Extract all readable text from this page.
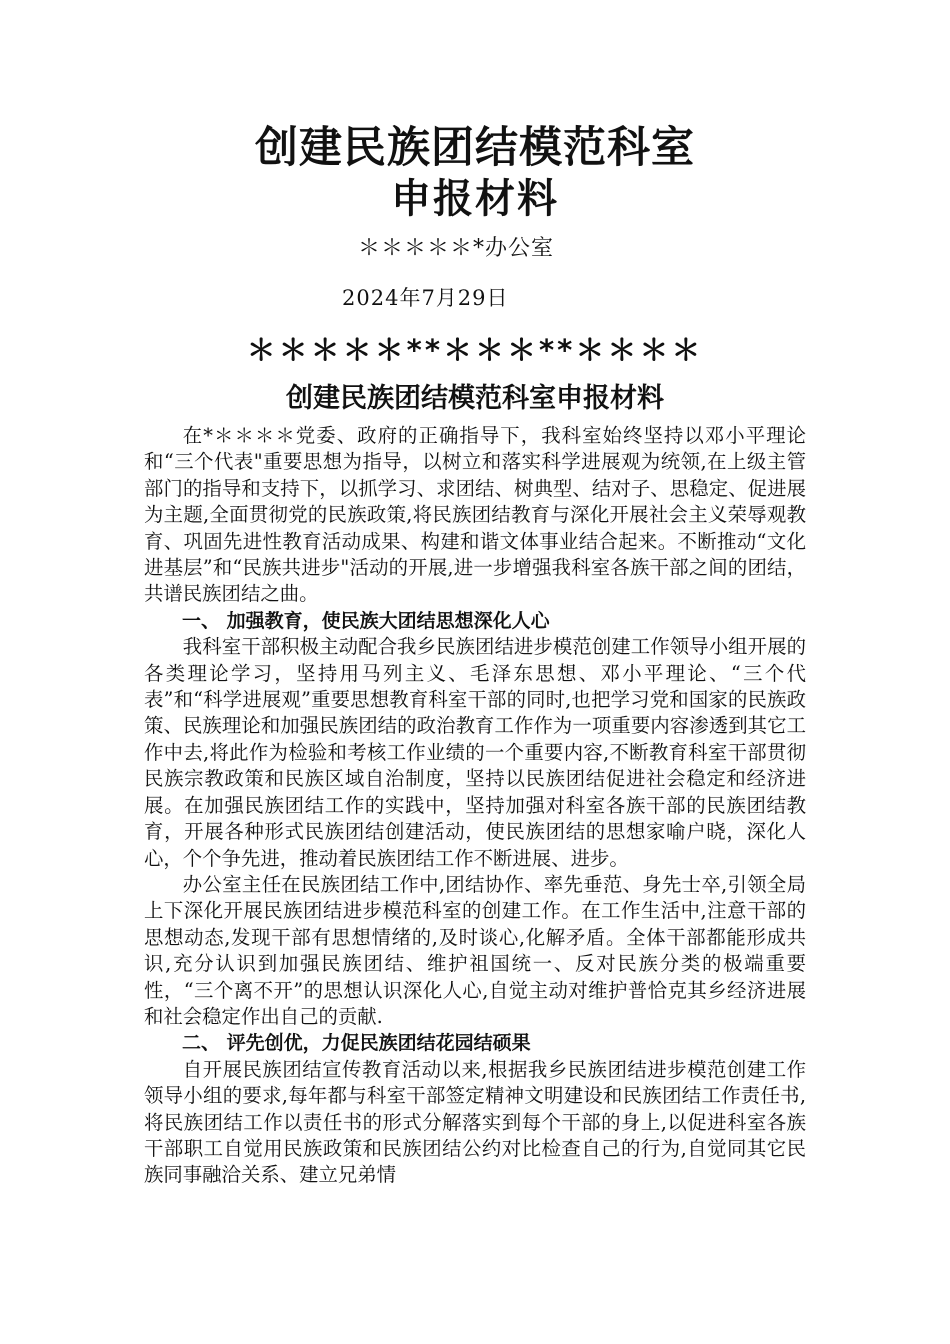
创建民族团结模范科室
申报材料
＊＊＊＊＊*办公室
2024年7月29日
＊＊＊＊＊**＊＊＊**＊＊＊＊
创建民族团结模范科室申报材料

在*＊＊＊＊党委、政府的正确指导下，我科室始终坚持以邓小平理论和“三个代表"重要思想为指导，以树立和落实科学进展观为统领,在上级主管部门的指导和支持下，以抓学习、求团结、树典型、结对子、思稳定、促进展为主题,全面贯彻党的民族政策,将民族团结教育与深化开展社会主义荣辱观教育、巩固先进性教育活动成果、构建和谐文体事业结合起来。不断推动“文化进基层”和“民族共进步"活动的开展,进一步增强我科室各族干部之间的团结，共谱民族团结之曲。

一、 加强教育，使民族大团结思想深化人心

我科室干部积极主动配合我乡民族团结进步模范创建工作领导小组开展的各类理论学习，坚持用马列主义、毛泽东思想、邓小平理论、“三个代表”和“科学进展观”重要思想教育科室干部的同时,也把学习党和国家的民族政策、民族理论和加强民族团结的政治教育工作作为一项重要内容渗透到其它工作中去,将此作为检验和考核工作业绩的一个重要内容,不断教育科室干部贯彻民族宗教政策和民族区域自治制度，坚持以民族团结促进社会稳定和经济进展。在加强民族团结工作的实践中，坚持加强对科室各族干部的民族团结教育，开展各种形式民族团结创建活动，使民族团结的思想家喻户晓，深化人心，个个争先进，推动着民族团结工作不断进展、进步。

办公室主任在民族团结工作中,团结协作、率先垂范、身先士卒,引领全局上下深化开展民族团结进步模范科室的创建工作。在工作生活中,注意干部的思想动态,发现干部有思想情绪的,及时谈心,化解矛盾。全体干部都能形成共识,充分认识到加强民族团结、维护祖国统一、反对民族分类的极端重要性，“三个离不开”的思想认识深化人心,自觉主动对维护普恰克其乡经济进展和社会稳定作出自己的贡献.

二、 评先创优，力促民族团结花园结硕果

自开展民族团结宣传教育活动以来,根据我乡民族团结进步模范创建工作领导小组的要求,每年都与科室干部签定精神文明建设和民族团结工作责任书,将民族团结工作以责任书的形式分解落实到每个干部的身上,以促进科室各族干部职工自觉用民族政策和民族团结公约对比检查自己的行为,自觉同其它民族同事融洽关系、建立兄弟情
